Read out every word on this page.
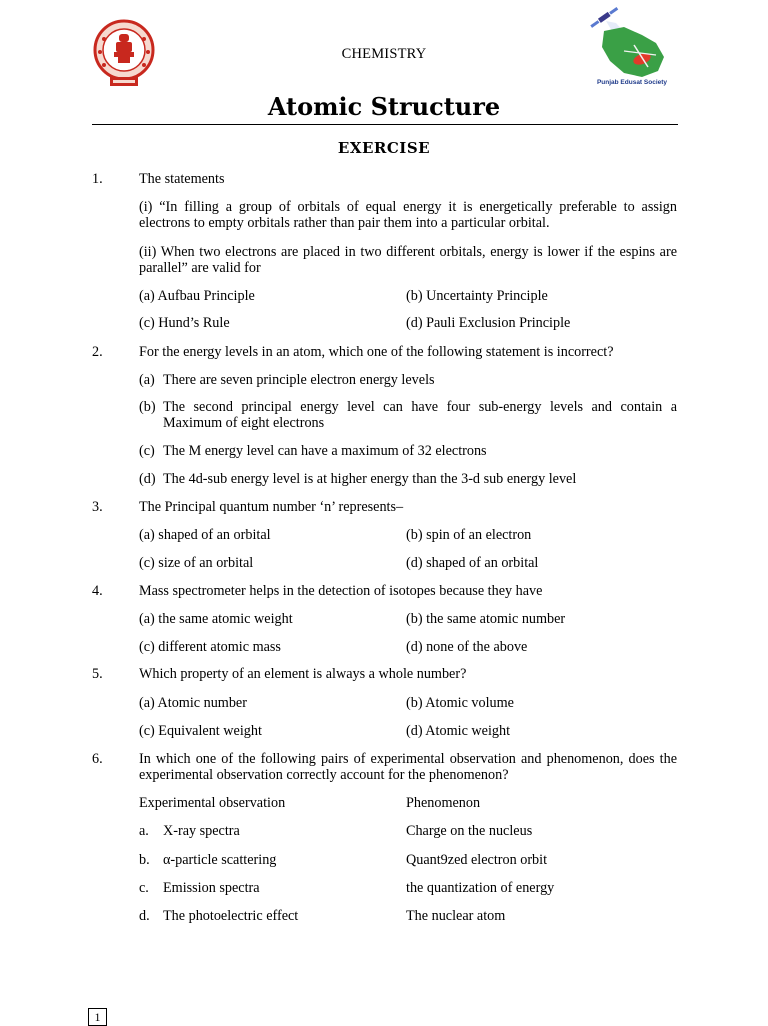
Punjab Edusat Society
CHEMISTRY
Atomic Structure
EXERCISE
1.	The statements
(i) “In filling a group of orbitals of equal energy it is energetically preferable to assign electrons to empty orbitals rather than pair them into a particular orbital.
(ii) When two electrons are placed in two different orbitals, energy is lower if the espins are parallel” are valid for
(a) Aufbau Principle	(b) Uncertainty Principle
(c) Hund’s Rule	(d) Pauli Exclusion Principle
2.	For the energy levels in an atom, which one of the following statement is incorrect?
(a) There are seven principle electron energy levels
(b) The second principal energy level can have four sub-energy levels and contain a Maximum of eight electrons
(c) The M energy level can have a maximum of 32 electrons
(d) The 4d-sub energy level is at higher energy than the 3-d sub energy level
3.	The Principal quantum number ‘n’ represents–
(a) shaped of an orbital	(b) spin of an electron
(c) size of an orbital	(d) shaped of an orbital
4.	Mass spectrometer helps in the detection of isotopes because they have
(a) the same atomic weight	(b) the same atomic number
(c) different atomic mass	(d) none of the above
5.	Which property of an element is always a whole number?
(a) Atomic number	(b) Atomic volume
(c) Equivalent weight	(d) Atomic weight
6.	In which one of the following pairs of experimental observation and phenomenon, does the experimental observation correctly account for the phenomenon?
Experimental observation	Phenomenon
a. X-ray spectra	Charge on the nucleus
b. α-particle scattering	Quant9zed electron orbit
c. Emission spectra	the quantization of energy
d. The photoelectric effect	The nuclear atom
1
